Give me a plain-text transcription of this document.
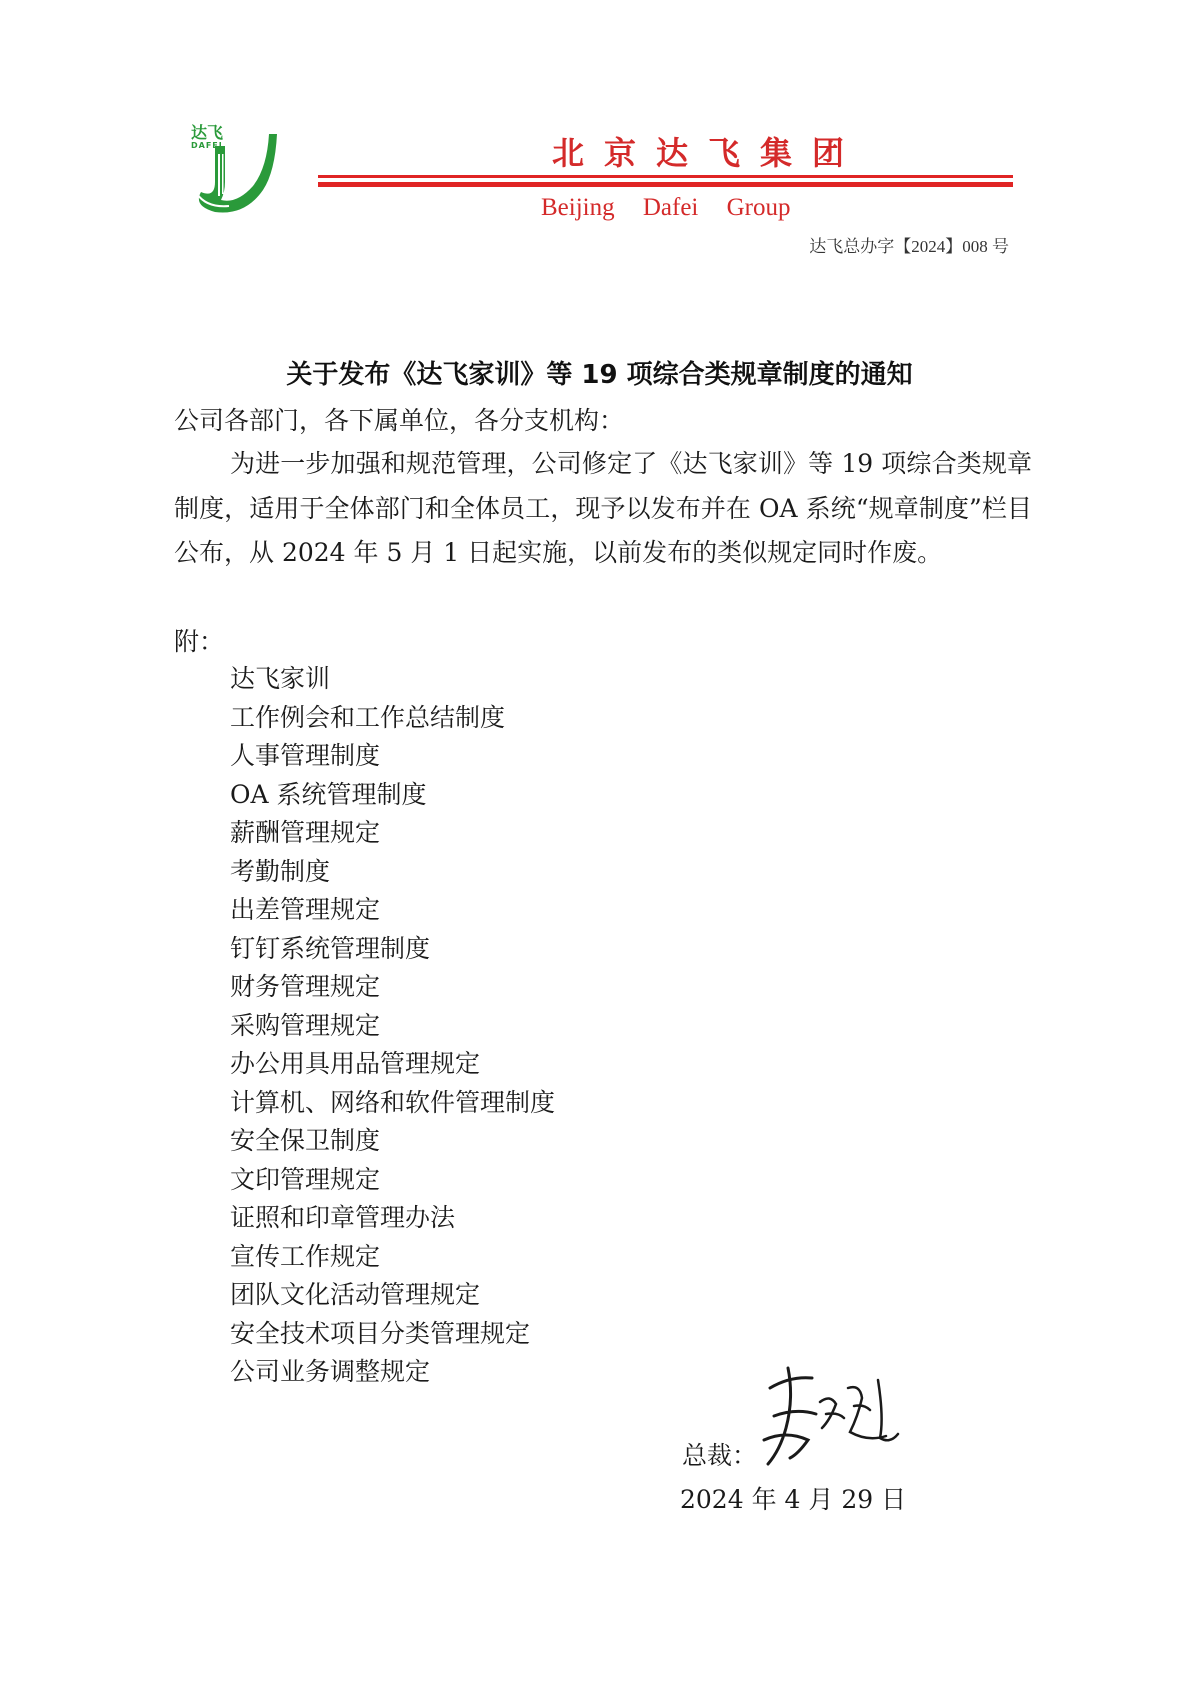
达飞
DAFEI	北京达飞集团
Beijing Dafei Group
达飞总办字【2024】008 号
关于发布《达飞家训》等 19 项综合类规章制度的通知
公司各部门，各下属单位，各分支机构：
为进一步加强和规范管理，公司修定了《达飞家训》等 19 项综合类规章制度，适用于全体部门和全体员工，现予以发布并在 OA 系统“规章制度”栏目公布，从 2024 年 5 月 1 日起实施，以前发布的类似规定同时作废。
附：
达飞家训
工作例会和工作总结制度
人事管理制度
OA 系统管理制度
薪酬管理规定
考勤制度
出差管理规定
钉钉系统管理制度
财务管理规定
采购管理规定
办公用具用品管理规定
计算机、网络和软件管理制度
安全保卫制度
文印管理规定
证照和印章管理办法
宣传工作规定
团队文化活动管理规定
安全技术项目分类管理规定
公司业务调整规定
总裁：
2024 年 4 月 29 日
